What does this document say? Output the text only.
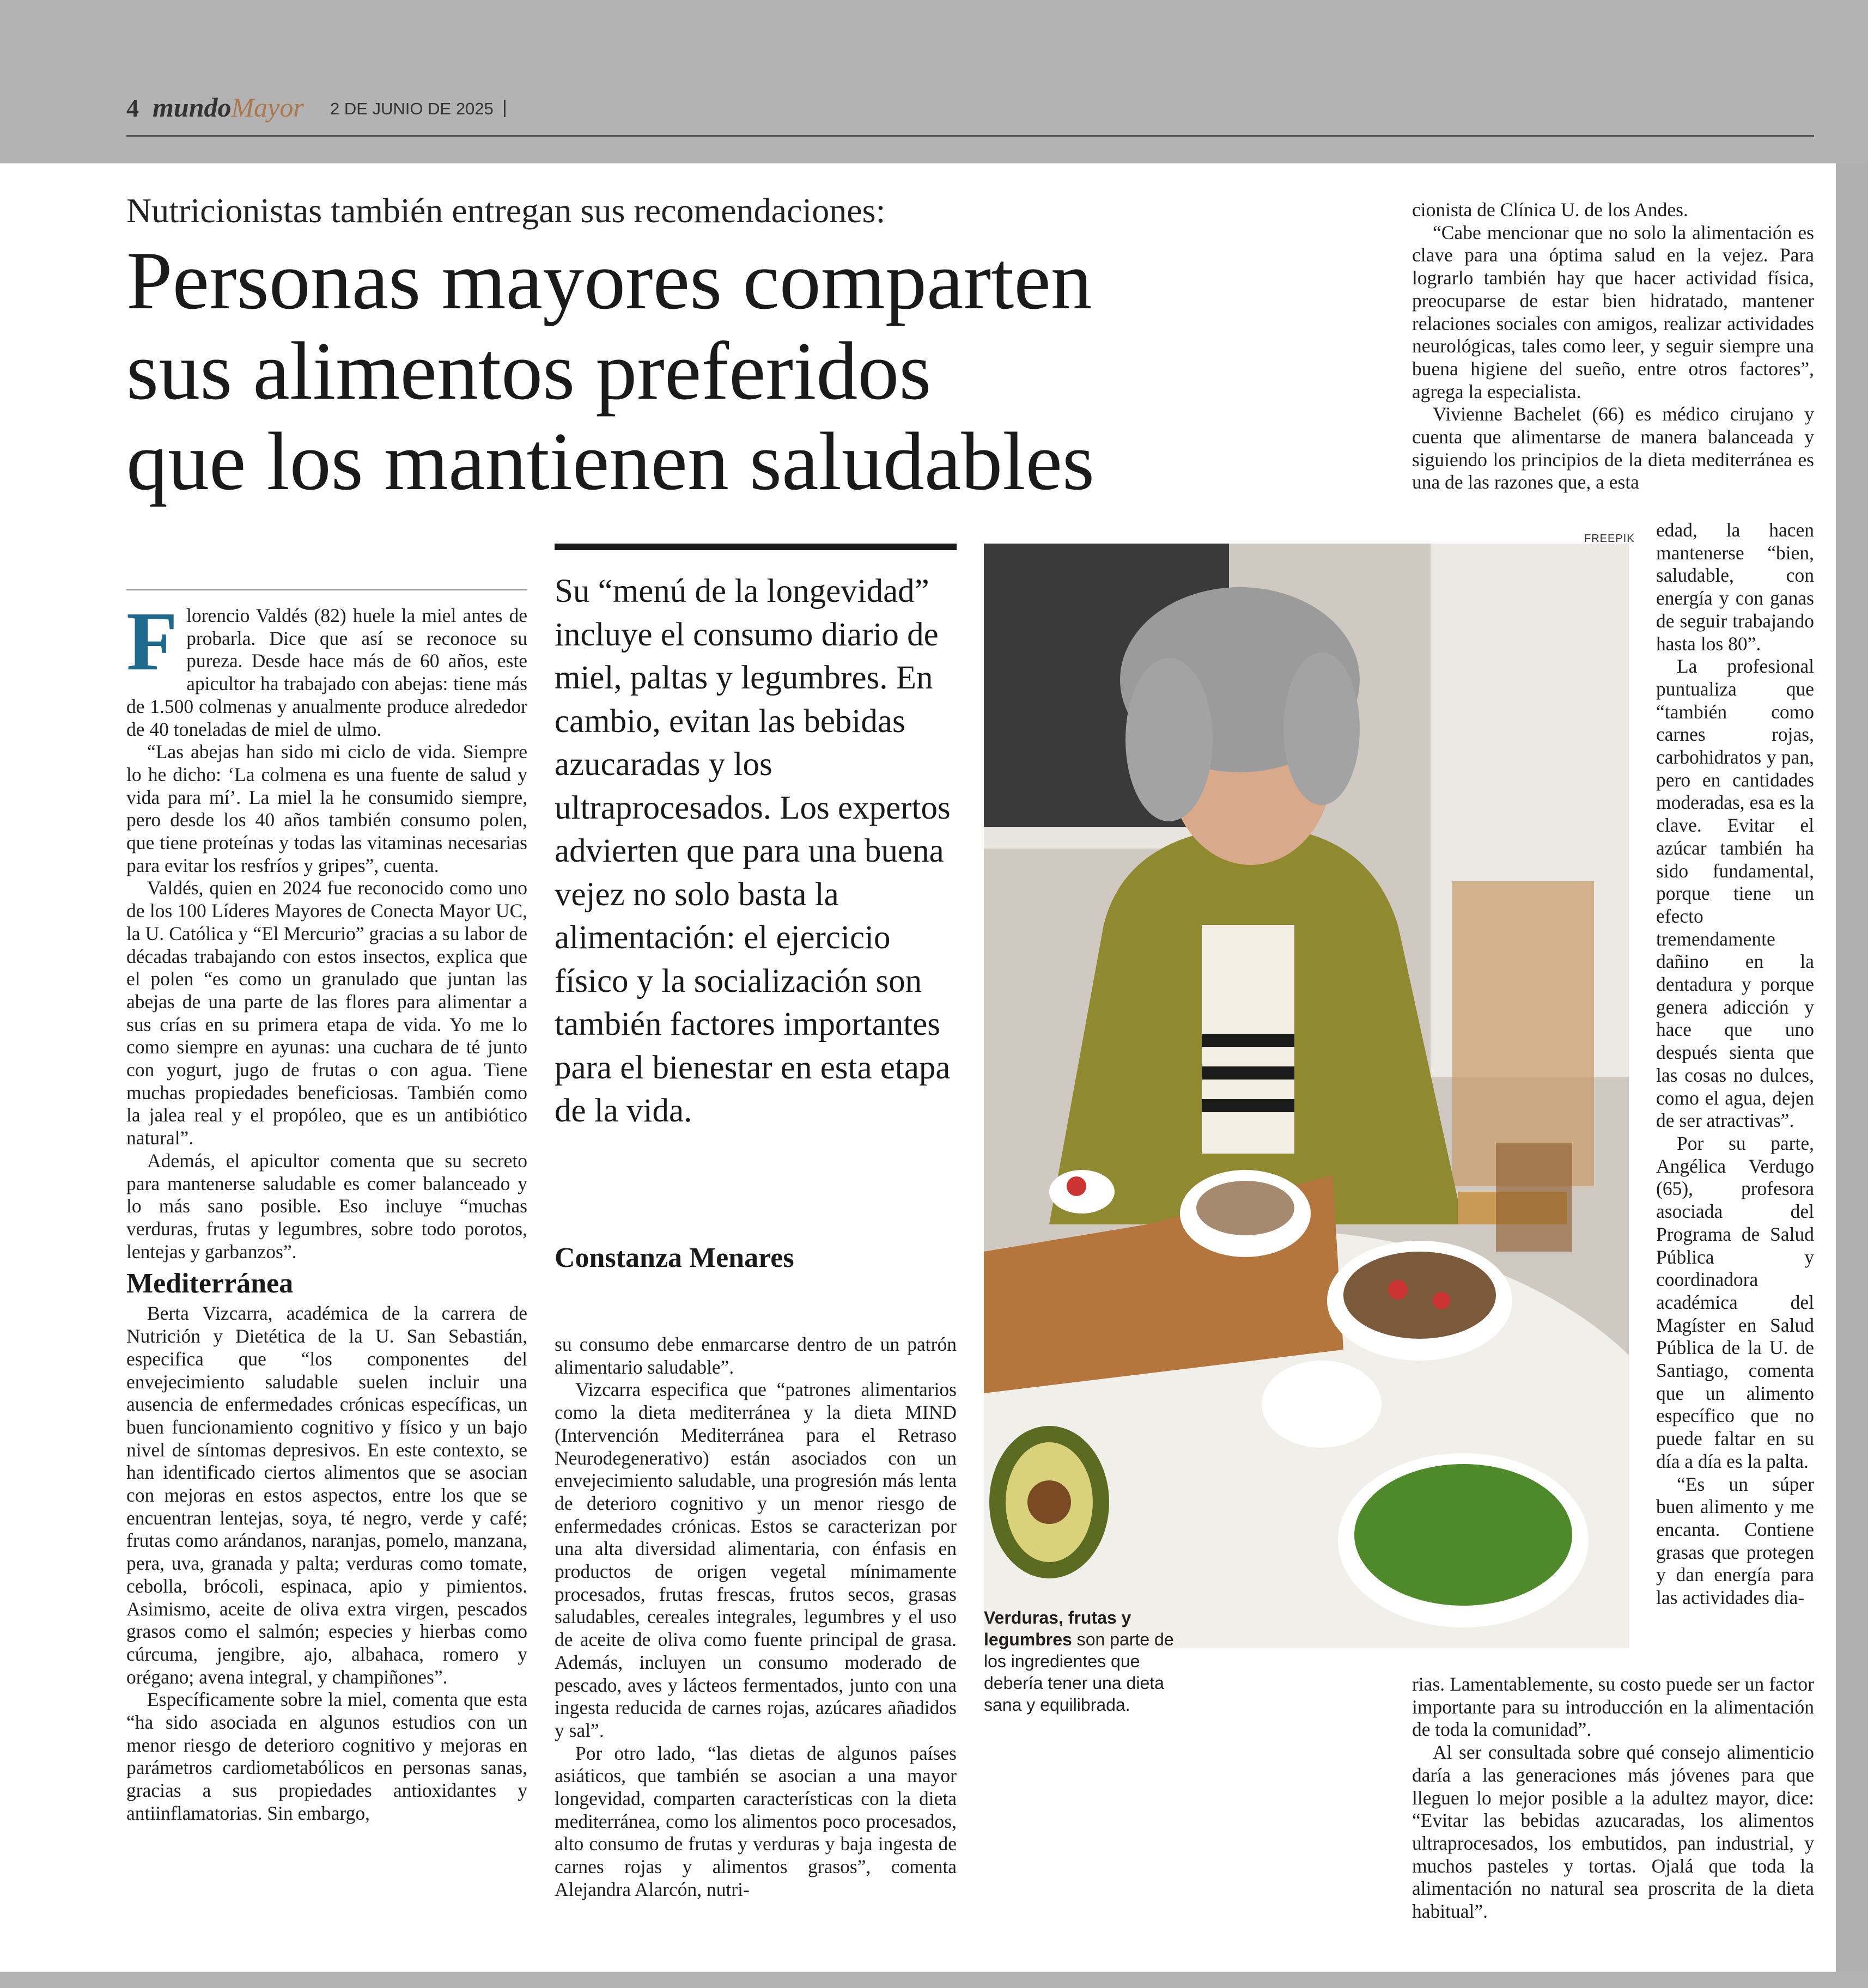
4 mundoMayor 2 DE JUNIO DE 2025 |
Nutricionistas también entregan sus recomendaciones:
Personas mayores comparten
sus alimentos preferidos
que los mantienen saludables

Florencio Valdés (82) huele la miel antes de probarla. Dice que así se reconoce su pureza. Desde hace más de 60 años, este apicultor ha trabajado con abejas: tiene más de 1.500 colmenas y anualmente produce alrededor de 40 toneladas de miel de ulmo.

“Las abejas han sido mi ciclo de vida. Siempre lo he dicho: ‘La colmena es una fuente de salud y vida para mí’. La miel la he consumido siempre, pero desde los 40 años también consumo polen, que tiene proteínas y todas las vitaminas necesarias para evitar los resfríos y gripes”, cuenta.

Valdés, quien en 2024 fue reconocido como uno de los 100 Líderes Mayores de Conecta Mayor UC, la U. Católica y “El Mercurio” gracias a su labor de décadas trabajando con estos insectos, explica que el polen “es como un granulado que juntan las abejas de una parte de las flores para alimentar a sus crías en su primera etapa de vida. Yo me lo como siempre en ayunas: una cuchara de té junto con yogurt, jugo de frutas o con agua. Tiene muchas propiedades beneficiosas. También como la jalea real y el propóleo, que es un antibiótico natural”.

Además, el apicultor comenta que su secreto para mantenerse saludable es comer balanceado y lo más sano posible. Eso incluye “muchas verduras, frutas y legumbres, sobre todo porotos, lentejas y garbanzos”.

Mediterránea

Berta Vizcarra, académica de la carrera de Nutrición y Dietética de la U. San Sebastián, especifica que “los componentes del envejecimiento saludable suelen incluir una ausencia de enfermedades crónicas específicas, un buen funcionamiento cognitivo y físico y un bajo nivel de síntomas depresivos. En este contexto, se han identificado ciertos alimentos que se asocian con mejoras en estos aspectos, entre los que se encuentran lentejas, soya, té negro, verde y café; frutas como arándanos, naranjas, pomelo, manzana, pera, uva, granada y palta; verduras como tomate, cebolla, brócoli, espinaca, apio y pimientos. Asimismo, aceite de oliva extra virgen, pescados grasos como el salmón; especies y hierbas como cúrcuma, jengibre, ajo, albahaca, romero y orégano; avena integral, y champiñones”.

Específicamente sobre la miel, comenta que esta “ha sido asociada en algunos estudios con un menor riesgo de deterioro cognitivo y mejoras en parámetros cardiometabólicos en personas sanas, gracias a sus propiedades antioxidantes y antiinflamatorias. Sin embargo,

Su “menú de la longevidad” incluye el consumo diario de miel, paltas y legumbres. En cambio, evitan las bebidas azucaradas y los ultraprocesados. Los expertos advierten que para una buena vejez no solo basta la alimentación: el ejercicio físico y la socialización son también factores importantes para el bienestar en esta etapa de la vida.

Constanza Menares

su consumo debe enmarcarse dentro de un patrón alimentario saludable”.

Vizcarra especifica que “patrones alimentarios como la dieta mediterránea y la dieta MIND (Intervención Mediterránea para el Retraso Neurodegenerativo) están asociados con un envejecimiento saludable, una progresión más lenta de deterioro cognitivo y un menor riesgo de enfermedades crónicas. Estos se caracterizan por una alta diversidad alimentaria, con énfasis en productos de origen vegetal mínimamente procesados, frutas frescas, frutos secos, grasas saludables, cereales integrales, legumbres y el uso de aceite de oliva como fuente principal de grasa. Además, incluyen un consumo moderado de pescado, aves y lácteos fermentados, junto con una ingesta reducida de carnes rojas, azúcares añadidos y sal”.

Por otro lado, “las dietas de algunos países asiáticos, que también se asocian a una mayor longevidad, comparten características con la dieta mediterránea, como los alimentos poco procesados, alto consumo de frutas y verduras y baja ingesta de carnes rojas y alimentos grasos”, comenta Alejandra Alarcón, nutri-

FREEPIK
Verduras, frutas y legumbres son parte de los ingredientes que debería tener una dieta sana y equilibrada.

cionista de Clínica U. de los Andes.

“Cabe mencionar que no solo la alimentación es clave para una óptima salud en la vejez. Para lograrlo también hay que hacer actividad física, preocuparse de estar bien hidratado, mantener relaciones sociales con amigos, realizar actividades neurológicas, tales como leer, y seguir siempre una buena higiene del sueño, entre otros factores”, agrega la especialista.

Vivienne Bachelet (66) es médico cirujano y cuenta que alimentarse de manera balanceada y siguiendo los principios de la dieta mediterránea es una de las razones que, a esta

edad, la hacen mantenerse “bien, saludable, con energía y con ganas de seguir trabajando hasta los 80”.

La profesional puntualiza que “también como carnes rojas, carbohidratos y pan, pero en cantidades moderadas, esa es la clave. Evitar el azúcar también ha sido fundamental, porque tiene un efecto tremendamente dañino en la dentadura y porque genera adicción y hace que uno después sienta que las cosas no dulces, como el agua, dejen de ser atractivas”.

Por su parte, Angélica Verdugo (65), profesora asociada del Programa de Salud Pública y coordinadora académica del Magíster en Salud Pública de la U. de Santiago, comenta que un alimento específico que no puede faltar en su día a día es la palta.

“Es un súper buen alimento y me encanta. Contiene grasas que protegen y dan energía para las actividades dia-

rias. Lamentablemente, su costo puede ser un factor importante para su introducción en la alimentación de toda la comunidad”.

Al ser consultada sobre qué consejo alimenticio daría a las generaciones más jóvenes para que lleguen lo mejor posible a la adultez mayor, dice: “Evitar las bebidas azucaradas, los alimentos ultraprocesados, los embutidos, pan industrial, y muchos pasteles y tortas. Ojalá que toda la alimentación no natural sea proscrita de la dieta habitual”.
